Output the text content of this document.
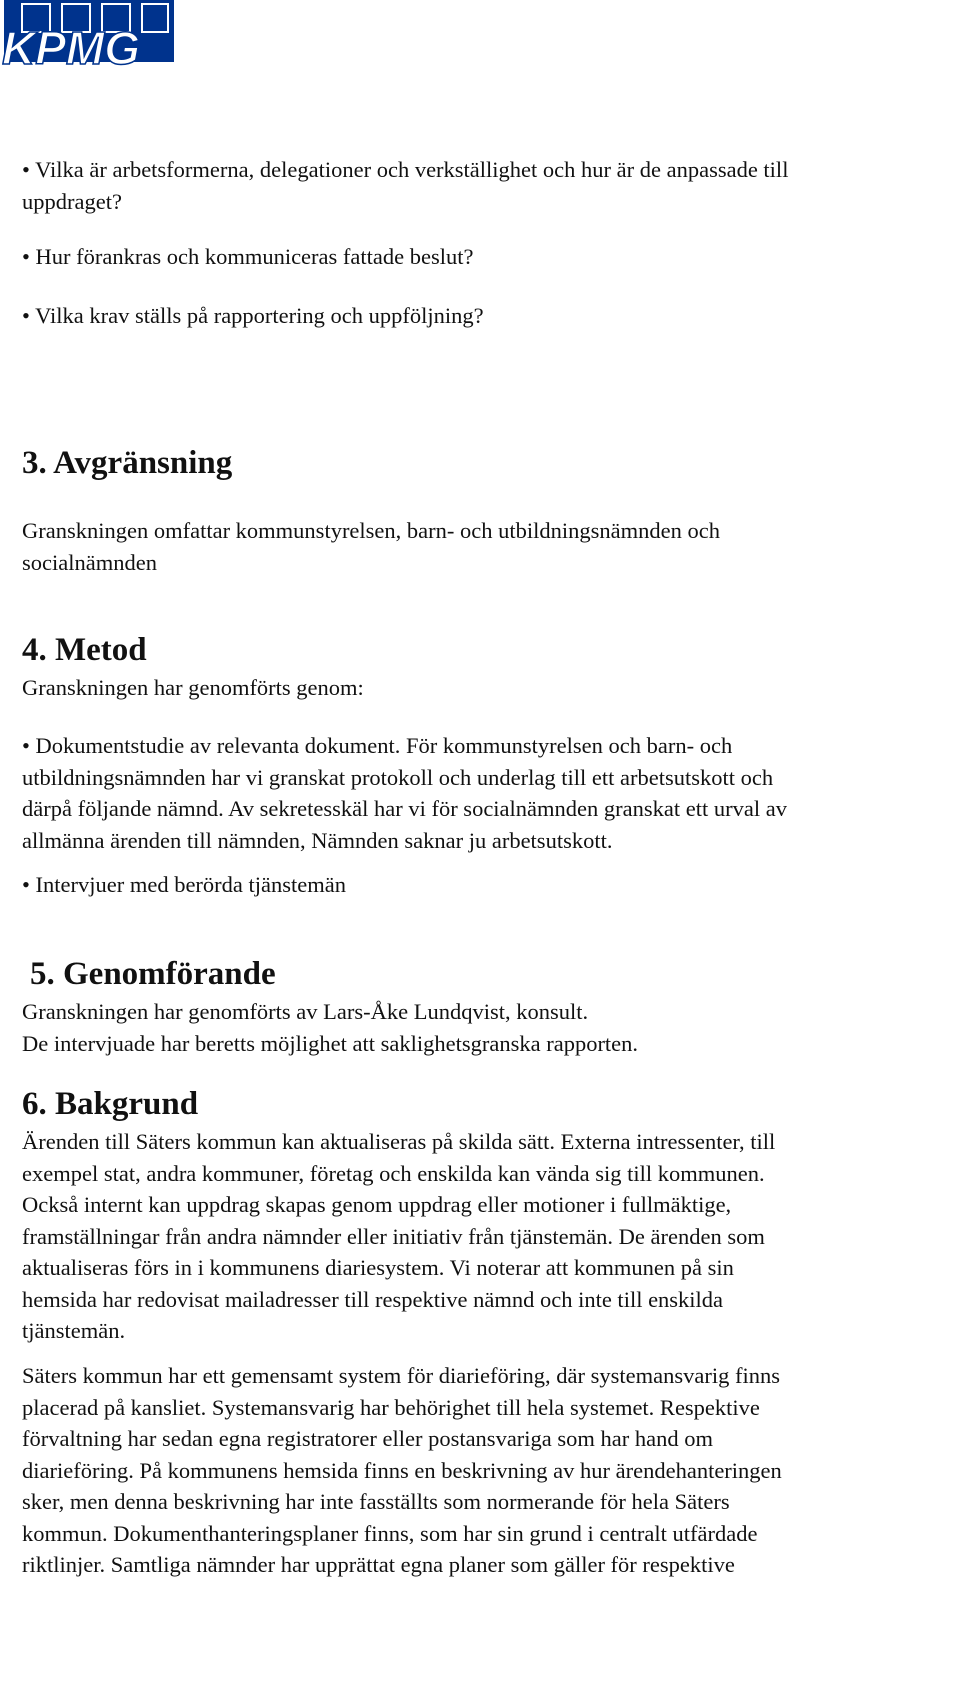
KPMG

• Vilka är arbetsformerna, delegationer och verkställighet och hur är de anpassade till
uppdraget?

• Hur förankras och kommuniceras fattade beslut?

• Vilka krav ställs på rapportering och uppföljning?

3. Avgränsning

Granskningen omfattar kommunstyrelsen, barn- och utbildningsnämnden och
socialnämnden

4. Metod

Granskningen har genomförts genom:

• Dokumentstudie av relevanta dokument. För kommunstyrelsen och barn- och
utbildningsnämnden har vi granskat protokoll och underlag till ett arbetsutskott och
därpå följande nämnd. Av sekretesskäl har vi för socialnämnden granskat ett urval av
allmänna ärenden till nämnden, Nämnden saknar ju arbetsutskott.

• Intervjuer med berörda tjänstemän

5. Genomförande

Granskningen har genomförts av Lars-Åke Lundqvist, konsult.
De intervjuade har beretts möjlighet att saklighetsgranska rapporten.

6. Bakgrund

Ärenden till Säters kommun kan aktualiseras på skilda sätt. Externa intressenter, till
exempel stat, andra kommuner, företag och enskilda kan vända sig till kommunen.
Också internt kan uppdrag skapas genom uppdrag eller motioner i fullmäktige,
framställningar från andra nämnder eller initiativ från tjänstemän. De ärenden som
aktualiseras förs in i kommunens diariesystem. Vi noterar att kommunen på sin
hemsida har redovisat mailadresser till respektive nämnd och inte till enskilda
tjänstemän.

Säters kommun har ett gemensamt system för diarieföring, där systemansvarig finns
placerad på kansliet. Systemansvarig har behörighet till hela systemet. Respektive
förvaltning har sedan egna registratorer eller postansvariga som har hand om
diarieföring. På kommunens hemsida finns en beskrivning av hur ärendehanteringen
sker, men denna beskrivning har inte fasställts som normerande för hela Säters
kommun. Dokumenthanteringsplaner finns, som har sin grund i centralt utfärdade
riktlinjer. Samtliga nämnder har upprättat egna planer som gäller för respektive
